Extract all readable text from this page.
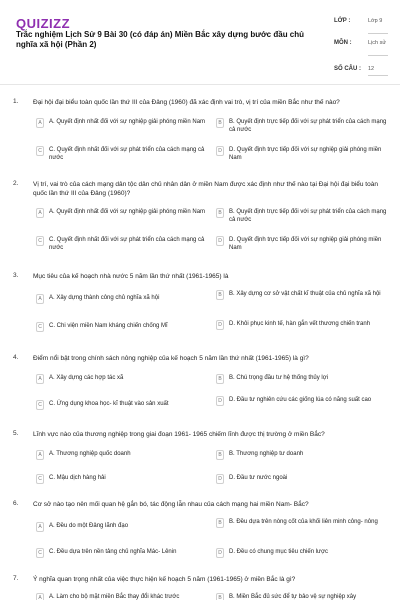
QUIZIZZ
Trắc nghiệm Lịch Sử 9 Bài 30 (có đáp án) Miền Bắc xây dựng bước đầu chủ nghĩa xã hội (Phần 2)
LỚP :	Lớp 9
MÔN :	Lịch sử
SỐ CÂU : 12
1. Đại hội đại biểu toàn quốc lần thứ III của Đảng (1960) đã xác định vai trò, vị trí của miền Bắc như thế nào?
A	A. Quyết định nhất đối với sự nghiệp giải phóng miền Nam	B	B. Quyết định trực tiếp đối với sự phát triển của cách mạng cả nước
C	C. Quyết định nhất đối với sự phát triển của cách mạng cả nước
D	D. Quyết định trực tiếp đối với sự nghiệp giải phóng miền Nam
2. Vị trí, vai trò của cách mạng dân tộc dân chủ nhân dân ở miền Nam được xác định như thế nào tại Đại hội đại biểu toàn quốc lần thứ III của Đảng (1960)?
A	A. Quyết định nhất đối với sự nghiệp giải phóng miền Nam	B	B. Quyết định trực tiếp đối với sự phát triển của cách mạng cả nước
C	C. Quyết định nhất đối với sự phát triển của cách mạng cả nước
D	D. Quyết định trực tiếp đối với sự nghiệp giải phóng miền Nam
3. Mục tiêu của kế hoạch nhà nước 5 năm lần thứ nhất (1961-1965) là
A	A. Xây dựng thành công chủ nghĩa xã hội	B	B. Xây dựng cơ sở vật chất kĩ thuật của chủ nghĩa xã hội
C	C. Chi viện miền Nam kháng chiến chống Mĩ	D	D. Khôi phục kinh tế, hàn gắn vết thương chiến tranh
4. Điểm nổi bật trong chính sách nông nghiệp của kế hoạch 5 năm lần thứ nhất (1961-1965) là gì?
A	A. Xây dựng các hợp tác xã	B	B. Chú trọng đầu tư hệ thống thủy lợi
C	C. Ứng dụng khoa học- kĩ thuật vào sản xuất	D	D. Đầu tư nghiên cứu các giống lúa có năng suất cao
5. Lĩnh vực nào của thương nghiệp trong giai đoạn 1961- 1965 chiếm lĩnh được thị trường ở miền Bắc?
A	A. Thương nghiệp quốc doanh	B	B. Thương nghiệp tư doanh
C	C. Mậu dịch hàng hải	D	D. Đầu tư nước ngoài
6. Cơ sở nào tạo nên mối quan hệ gắn bó, tác động lẫn nhau của cách mạng hai miền Nam- Bắc?
A	A. Đều do một Đảng lãnh đạo	B	B. Đều dựa trên nòng cốt của khối liên minh công- nông
C	C. Đều dựa trên nền tảng chủ nghĩa Mác- Lênin	D	D. Đều có chung mục tiêu chiến lược
7. Ý nghĩa quan trọng nhất của việc thực hiện kế hoạch 5 năm (1961-1965) ở miền Bắc là gì?
A	A. Làm cho bộ mặt miền Bắc thay đổi khác trước	B	B. Miền Bắc đủ sức để tự bảo vệ sự nghiệp xây
